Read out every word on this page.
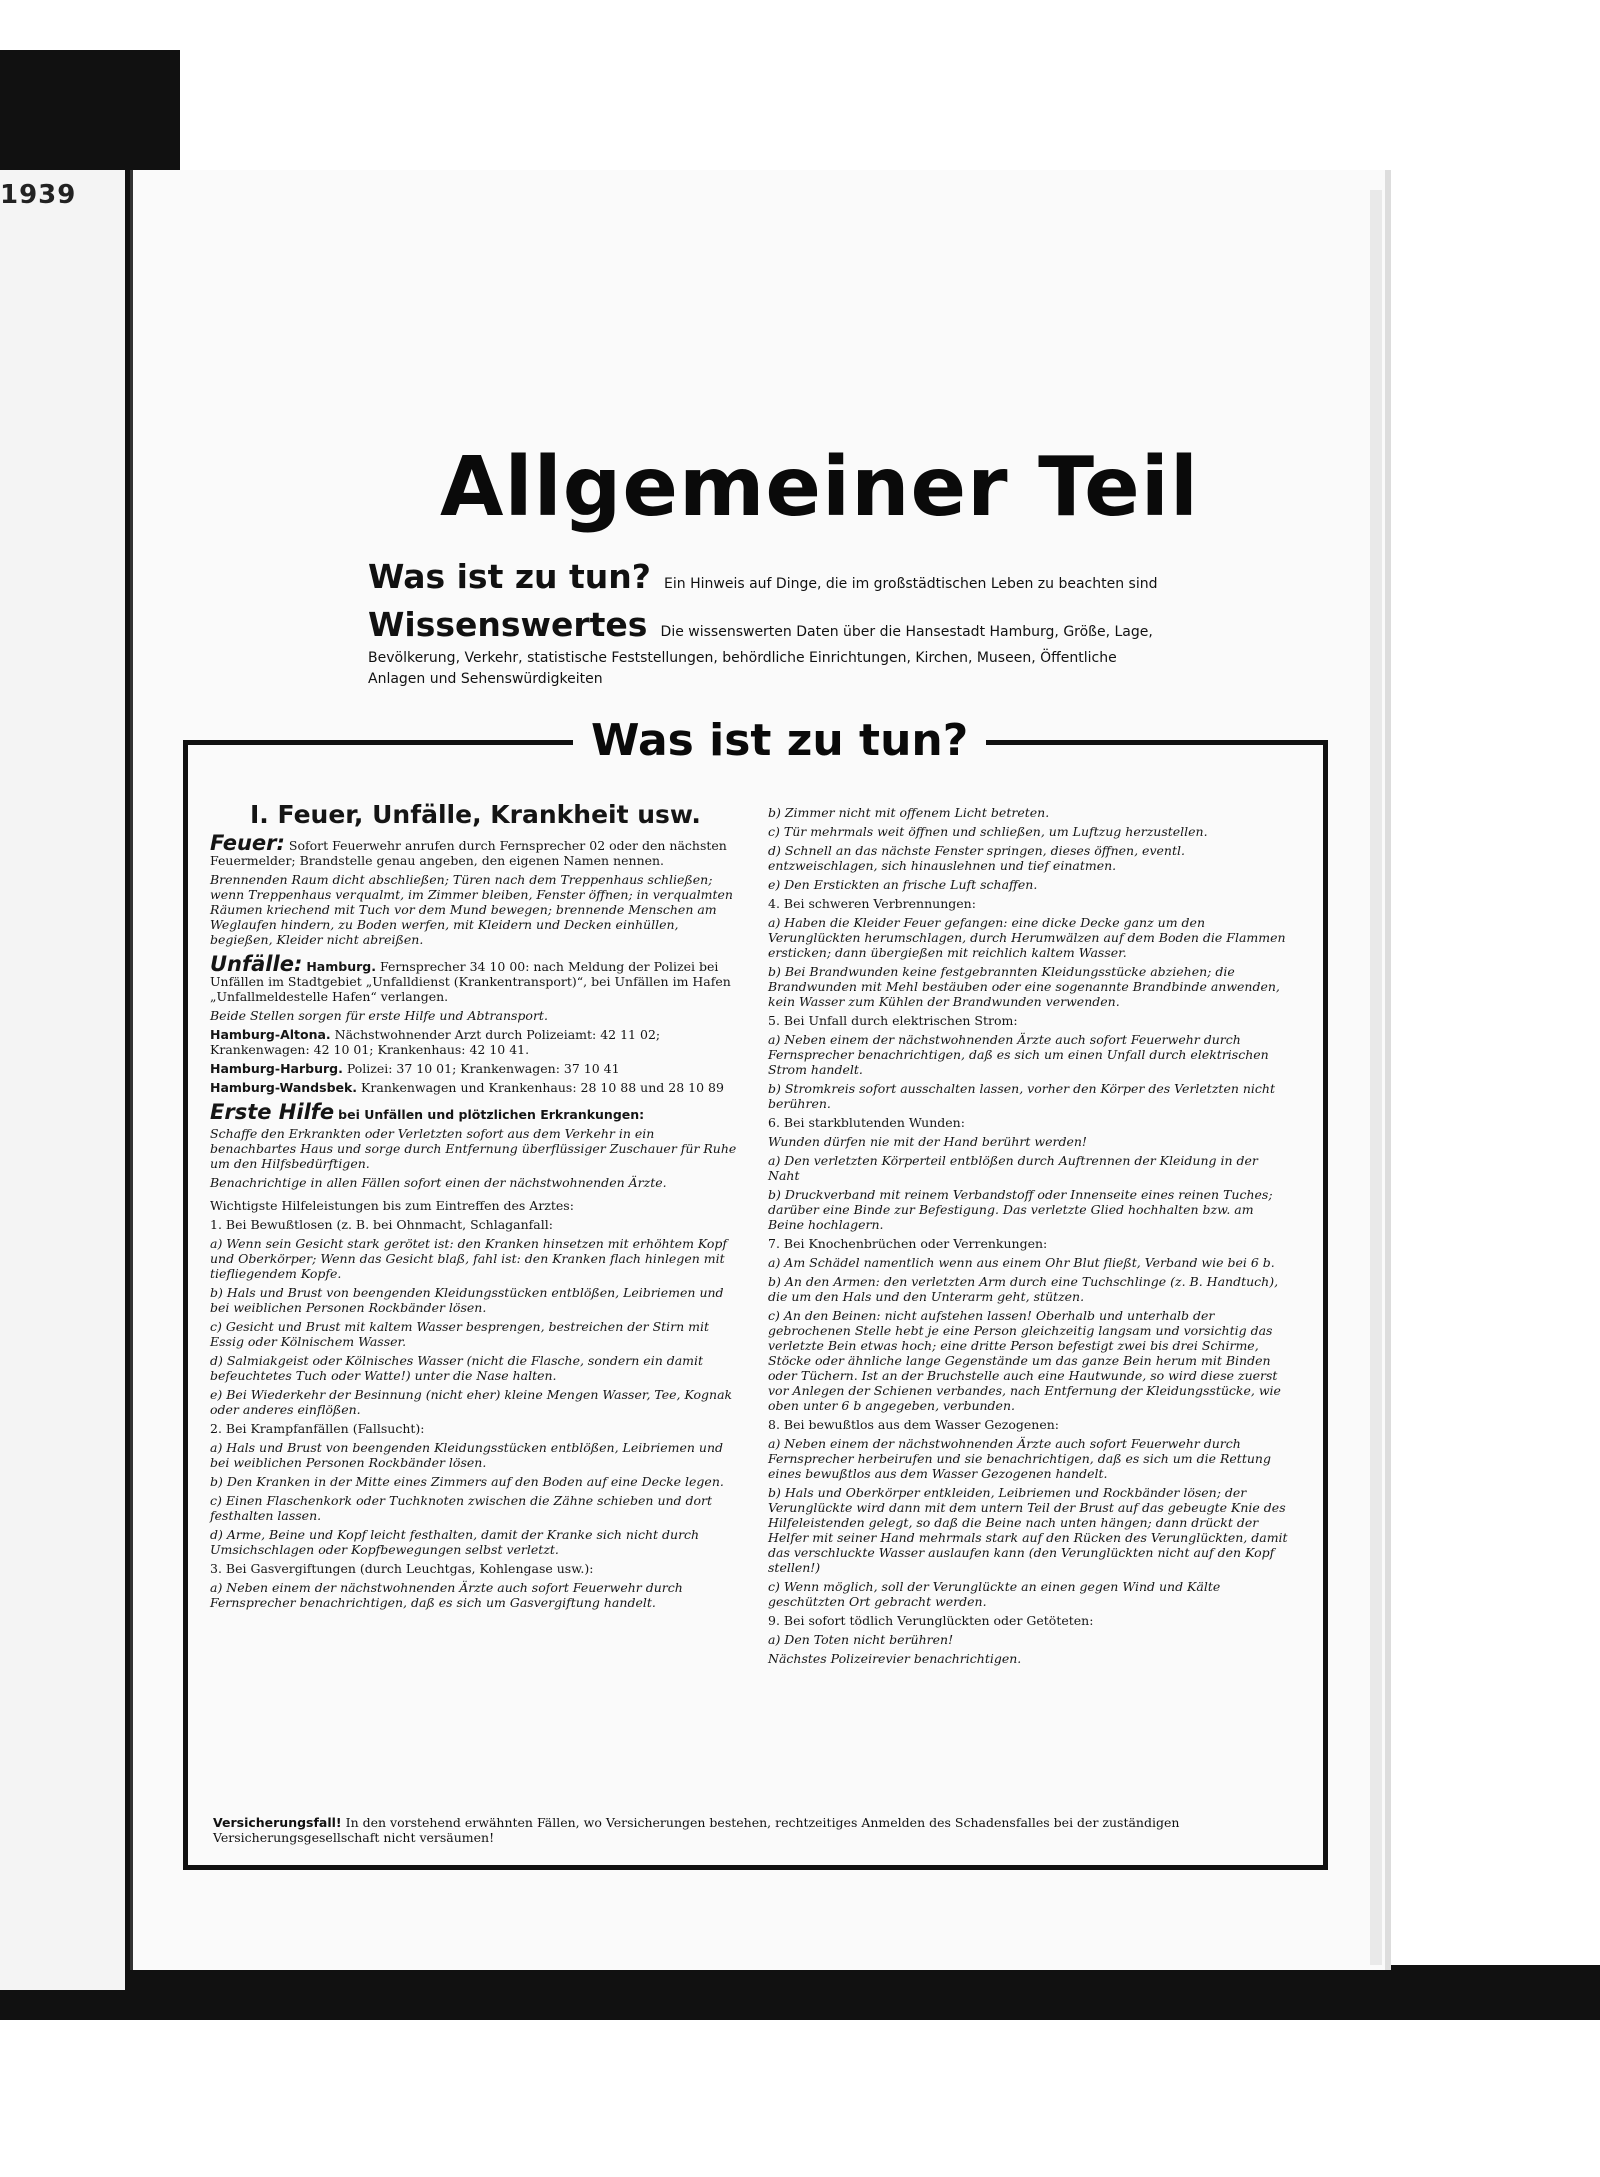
1939
Allgemeiner Teil
Was ist zu tun? Ein Hinweis auf Dinge, die im großstädtischen Leben zu beachten sind
Wissenswertes Die wissenswerten Daten über die Hansestadt Hamburg, Größe, Lage,
Bevölkerung, Verkehr, statistische Feststellungen, behördliche Einrichtungen, Kirchen, Museen, Öffentliche
Anlagen und Sehenswürdigkeiten
Was ist zu tun?
I. Feuer, Unfälle, Krankheit usw.

Feuer: Sofort Feuerwehr anrufen durch Fernsprecher 02 oder den nächsten Feuermelder; Brandstelle genau angeben, den eigenen Namen nennen.

Brennenden Raum dicht abschließen; Türen nach dem Treppenhaus schließen; wenn Treppenhaus verqualmt, im Zimmer bleiben, Fenster öffnen; in verqualmten Räumen kriechend mit Tuch vor dem Mund bewegen; brennende Menschen am Weglaufen hindern, zu Boden werfen, mit Kleidern und Decken einhüllen, begießen, Kleider nicht abreißen.

Unfälle: Hamburg. Fernsprecher 34 10 00: nach Meldung der Polizei bei Unfällen im Stadtgebiet „Unfalldienst (Krankentransport)“, bei Unfällen im Hafen „Unfallmeldestelle Hafen“ verlangen.

Beide Stellen sorgen für erste Hilfe und Abtransport.

Hamburg-Altona. Nächstwohnender Arzt durch Polizeiamt: 42 11 02; Krankenwagen: 42 10 01; Krankenhaus: 42 10 41.

Hamburg-Harburg. Polizei: 37 10 01; Krankenwagen: 37 10 41

Hamburg-Wandsbek. Krankenwagen und Krankenhaus: 28 10 88 und 28 10 89

Erste Hilfe bei Unfällen und plötzlichen Erkrankungen:

Schaffe den Erkrankten oder Verletzten sofort aus dem Verkehr in ein benachbartes Haus und sorge durch Entfernung überflüssiger Zuschauer für Ruhe um den Hilfsbedürftigen.

Benachrichtige in allen Fällen sofort einen der nächstwohnenden Ärzte.

Wichtigste Hilfeleistungen bis zum Eintreffen des Arztes:

1. Bei Bewußtlosen (z. B. bei Ohnmacht, Schlaganfall:

a) Wenn sein Gesicht stark gerötet ist: den Kranken hinsetzen mit erhöhtem Kopf und Oberkörper; Wenn das Gesicht blaß, fahl ist: den Kranken flach hinlegen mit tiefliegendem Kopfe.

b) Hals und Brust von beengenden Kleidungsstücken entblößen, Leibriemen und bei weiblichen Personen Rockbänder lösen.

c) Gesicht und Brust mit kaltem Wasser besprengen, bestreichen der Stirn mit Essig oder Kölnischem Wasser.

d) Salmiakgeist oder Kölnisches Wasser (nicht die Flasche, sondern ein damit befeuchtetes Tuch oder Watte!) unter die Nase halten.

e) Bei Wiederkehr der Besinnung (nicht eher) kleine Mengen Wasser, Tee, Kognak oder anderes einflößen.

2. Bei Krampfanfällen (Fallsucht):

a) Hals und Brust von beengenden Kleidungsstücken entblößen, Leibriemen und bei weiblichen Personen Rockbänder lösen.

b) Den Kranken in der Mitte eines Zimmers auf den Boden auf eine Decke legen.

c) Einen Flaschenkork oder Tuchknoten zwischen die Zähne schieben und dort festhalten lassen.

d) Arme, Beine und Kopf leicht festhalten, damit der Kranke sich nicht durch Umsichschlagen oder Kopfbewegungen selbst verletzt.

3. Bei Gasvergiftungen (durch Leuchtgas, Kohlengase usw.):

a) Neben einem der nächstwohnenden Ärzte auch sofort Feuerwehr durch Fernsprecher benachrichtigen, daß es sich um Gasvergiftung handelt.

b) Zimmer nicht mit offenem Licht betreten.

c) Tür mehrmals weit öffnen und schließen, um Luftzug herzustellen.

d) Schnell an das nächste Fenster springen, dieses öffnen, eventl. entzweischlagen, sich hinauslehnen und tief einatmen.

e) Den Erstickten an frische Luft schaffen.

4. Bei schweren Verbrennungen:

a) Haben die Kleider Feuer gefangen: eine dicke Decke ganz um den Verunglückten herumschlagen, durch Herumwälzen auf dem Boden die Flammen ersticken; dann übergießen mit reichlich kaltem Wasser.

b) Bei Brandwunden keine festgebrannten Kleidungsstücke abziehen; die Brandwunden mit Mehl bestäuben oder eine sogenannte Brandbinde anwenden, kein Wasser zum Kühlen der Brandwunden verwenden.

5. Bei Unfall durch elektrischen Strom:

a) Neben einem der nächstwohnenden Ärzte auch sofort Feuerwehr durch Fernsprecher benachrichtigen, daß es sich um einen Unfall durch elektrischen Strom handelt.

b) Stromkreis sofort ausschalten lassen, vorher den Körper des Verletzten nicht berühren.

6. Bei starkblutenden Wunden:

Wunden dürfen nie mit der Hand berührt werden!

a) Den verletzten Körperteil entblößen durch Auftrennen der Kleidung in der Naht

b) Druckverband mit reinem Verbandstoff oder Innenseite eines reinen Tuches; darüber eine Binde zur Befestigung. Das verletzte Glied hochhalten bzw. am Beine hochlagern.

7. Bei Knochenbrüchen oder Verrenkungen:

a) Am Schädel namentlich wenn aus einem Ohr Blut fließt, Verband wie bei 6 b.

b) An den Armen: den verletzten Arm durch eine Tuchschlinge (z. B. Handtuch), die um den Hals und den Unterarm geht, stützen.

c) An den Beinen: nicht aufstehen lassen! Oberhalb und unterhalb der gebrochenen Stelle hebt je eine Person gleichzeitig langsam und vorsichtig das verletzte Bein etwas hoch; eine dritte Person befestigt zwei bis drei Schirme, Stöcke oder ähnliche lange Gegenstände um das ganze Bein herum mit Binden oder Tüchern. Ist an der Bruchstelle auch eine Hautwunde, so wird diese zuerst vor Anlegen der Schienen verbandes, nach Entfernung der Kleidungsstücke, wie oben unter 6 b angegeben, verbunden.

8. Bei bewußtlos aus dem Wasser Gezogenen:

a) Neben einem der nächstwohnenden Ärzte auch sofort Feuerwehr durch Fernsprecher herbeirufen und sie benachrichtigen, daß es sich um die Rettung eines bewußtlos aus dem Wasser Gezogenen handelt.

b) Hals und Oberkörper entkleiden, Leibriemen und Rockbänder lösen; der Verunglückte wird dann mit dem untern Teil der Brust auf das gebeugte Knie des Hilfeleistenden gelegt, so daß die Beine nach unten hängen; dann drückt der Helfer mit seiner Hand mehrmals stark auf den Rücken des Verunglückten, damit das verschluckte Wasser auslaufen kann (den Verunglückten nicht auf den Kopf stellen!)

c) Wenn möglich, soll der Verunglückte an einen gegen Wind und Kälte geschützten Ort gebracht werden.

9. Bei sofort tödlich Verunglückten oder Getöteten:

a) Den Toten nicht berühren!

Nächstes Polizeirevier benachrichtigen.

Versicherungsfall! In den vorstehend erwähnten Fällen, wo Versicherungen bestehen, rechtzeitiges Anmelden des Schadensfalles bei der zuständigen Versicherungsgesellschaft nicht versäumen!
